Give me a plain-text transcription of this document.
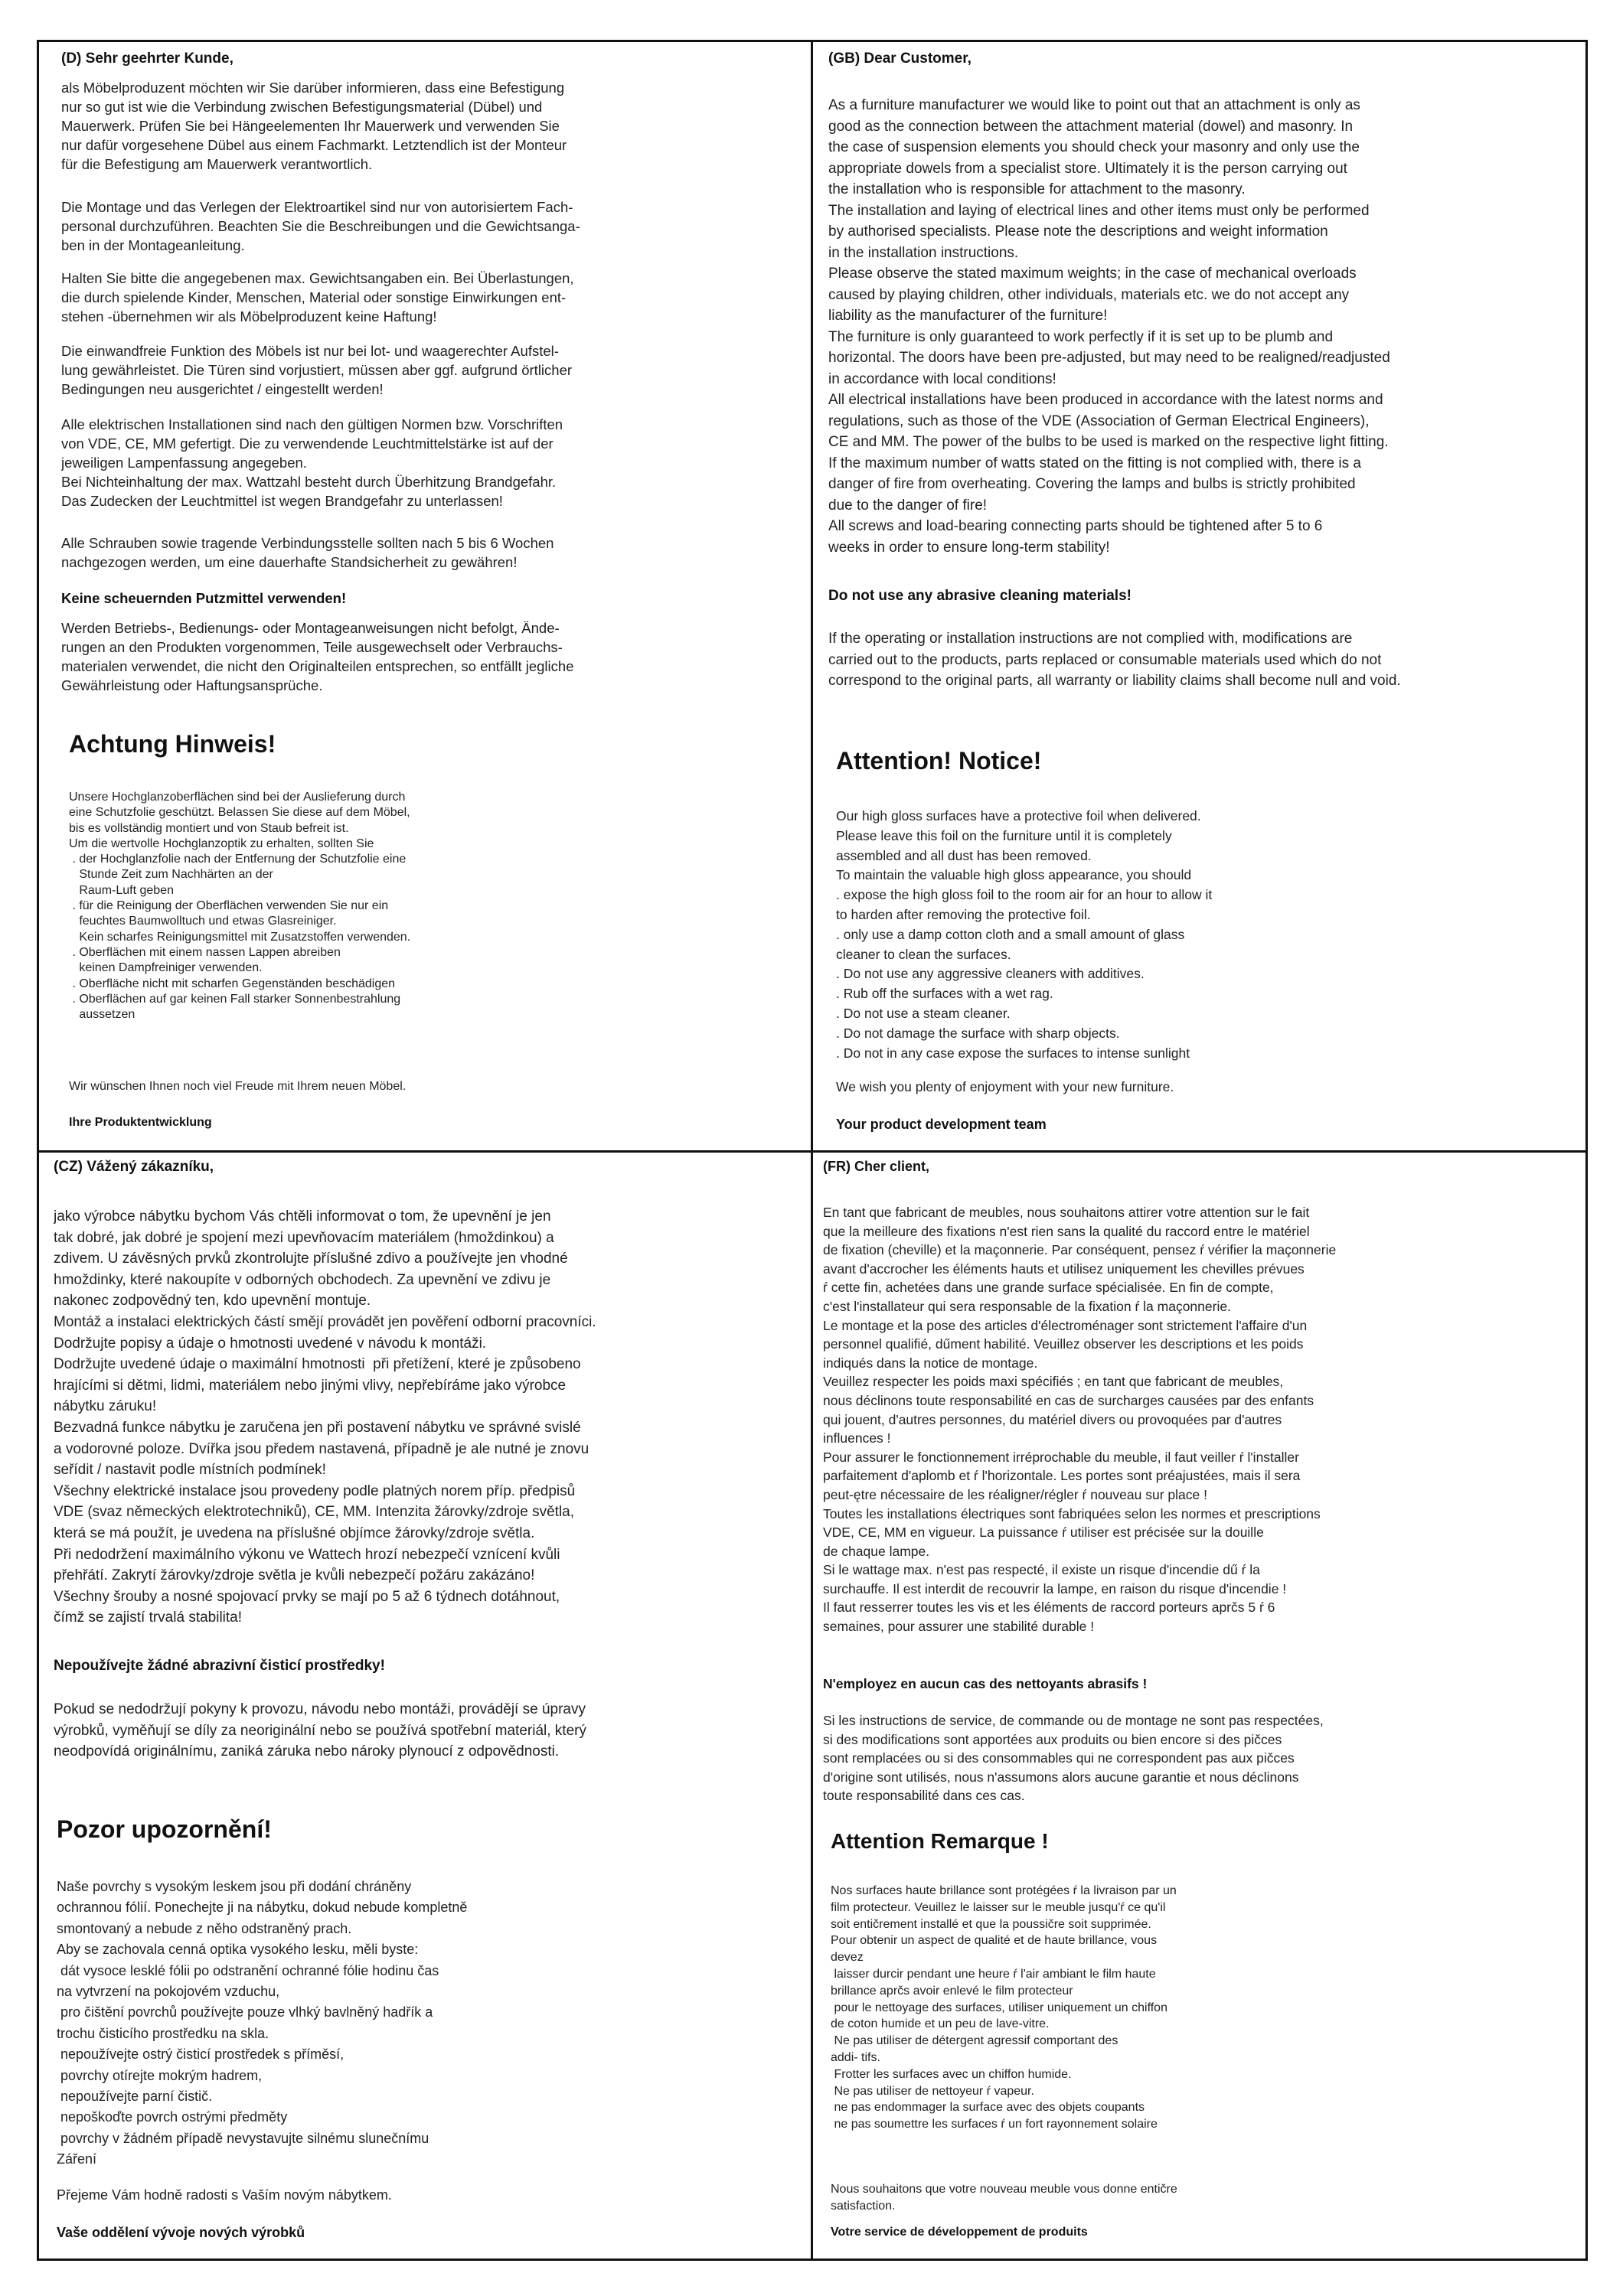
(D) Sehr geehrter Kunde,
als Möbelproduzent möchten wir Sie darüber informieren, dass eine Befestigung
nur so gut ist wie die Verbindung zwischen Befestigungsmaterial (Dübel) und
Mauerwerk. Prüfen Sie bei Hängeelementen Ihr Mauerwerk und verwenden Sie
nur dafür vorgesehene Dübel aus einem Fachmarkt. Letztendlich ist der Monteur
für die Befestigung am Mauerwerk verantwortlich.
Die Montage und das Verlegen der Elektroartikel sind nur von autorisiertem Fach-
personal durchzuführen. Beachten Sie die Beschreibungen und die Gewichtsanga-
ben in der Montageanleitung.
Halten Sie bitte die angegebenen max. Gewichtsangaben ein. Bei Überlastungen,
die durch spielende Kinder, Menschen, Material oder sonstige Einwirkungen ent-
stehen -übernehmen wir als Möbelproduzent keine Haftung!
Die einwandfreie Funktion des Möbels ist nur bei lot- und waagerechter Aufstel-
lung gewährleistet. Die Türen sind vorjustiert, müssen aber ggf. aufgrund örtlicher
Bedingungen neu ausgerichtet / eingestellt werden!
Alle elektrischen Installationen sind nach den gültigen Normen bzw. Vorschriften
von VDE, CE, MM gefertigt. Die zu verwendende Leuchtmittelstärke ist auf der
jeweiligen Lampenfassung angegeben.
Bei Nichteinhaltung der max. Wattzahl besteht durch Überhitzung Brandgefahr.
Das Zudecken der Leuchtmittel ist wegen Brandgefahr zu unterlassen!
Alle Schrauben sowie tragende Verbindungsstelle sollten nach 5 bis 6 Wochen
nachgezogen werden, um eine dauerhafte Standsicherheit zu gewähren!
Keine scheuernden Putzmittel verwenden!
Werden Betriebs-, Bedienungs- oder Montageanweisungen nicht befolgt, Ände-
rungen an den Produkten vorgenommen, Teile ausgewechselt oder Verbrauchs-
materialen verwendet, die nicht den Originalteilen entsprechen, so entfällt jegliche
Gewährleistung oder Haftungsansprüche.
Achtung Hinweis!
Unsere Hochglanzoberflächen sind bei der Auslieferung durch
eine Schutzfolie geschützt. Belassen Sie diese auf dem Möbel,
bis es vollständig montiert und von Staub befreit ist.
Um die wertvolle Hochglanzoptik zu erhalten, sollten Sie
. der Hochglanzfolie nach der Entfernung der Schutzfolie eine
Stunde Zeit zum Nachhärten an der
Raum-Luft geben
. für die Reinigung der Oberflächen verwenden Sie nur ein
feuchtes Baumwolltuch und etwas Glasreiniger.
Kein scharfes Reinigungsmittel mit Zusatzstoffen verwenden.
. Oberflächen mit einem nassen Lappen abreiben
keinen Dampfreiniger verwenden.
. Oberfläche nicht mit scharfen Gegenständen beschädigen
. Oberflächen auf gar keinen Fall starker Sonnenbestrahlung
aussetzen
Wir wünschen Ihnen noch viel Freude mit Ihrem neuen Möbel.
Ihre Produktentwicklung
(GB) Dear Customer,
As a furniture manufacturer we would like to point out that an attachment is only as
good as the connection between the attachment material (dowel) and masonry. In
the case of suspension elements you should check your masonry and only use the
appropriate dowels from a specialist store. Ultimately it is the person carrying out
the installation who is responsible for attachment to the masonry.
The installation and laying of electrical lines and other items must only be performed
by authorised specialists. Please note the descriptions and weight information
in the installation instructions.
Please observe the stated maximum weights; in the case of mechanical overloads
caused by playing children, other individuals, materials etc. we do not accept any
liability as the manufacturer of the furniture!
The furniture is only guaranteed to work perfectly if it is set up to be plumb and
horizontal. The doors have been pre-adjusted, but may need to be realigned/readjusted
in accordance with local conditions!
All electrical installations have been produced in accordance with the latest norms and
regulations, such as those of the VDE (Association of German Electrical Engineers),
CE and MM. The power of the bulbs to be used is marked on the respective light fitting.
If the maximum number of watts stated on the fitting is not complied with, there is a
danger of fire from overheating. Covering the lamps and bulbs is strictly prohibited
due to the danger of fire!
All screws and load-bearing connecting parts should be tightened after 5 to 6
weeks in order to ensure long-term stability!
Do not use any abrasive cleaning materials!
If the operating or installation instructions are not complied with, modifications are
carried out to the products, parts replaced or consumable materials used which do not
correspond to the original parts, all warranty or liability claims shall become null and void.
Attention! Notice!
Our high gloss surfaces have a protective foil when delivered.
Please leave this foil on the furniture until it is completely
assembled and all dust has been removed.
To maintain the valuable high gloss appearance, you should
. expose the high gloss foil to the room air for an hour to allow it
to harden after removing the protective foil.
. only use a damp cotton cloth and a small amount of glass
cleaner to clean the surfaces.
. Do not use any aggressive cleaners with additives.
. Rub off the surfaces with a wet rag.
. Do not use a steam cleaner.
. Do not damage the surface with sharp objects.
. Do not in any case expose the surfaces to intense sunlight
We wish you plenty of enjoyment with your new furniture.
Your product development team
(CZ) Vážený zákazníku,
jako výrobce nábytku bychom Vás chtěli informovat o tom, že upevnění je jen
tak dobré, jak dobré je spojení mezi upevňovacím materiálem (hmoždinkou) a
zdivem. U závěsných prvků zkontrolujte příslušné zdivo a používejte jen vhodné
hmoždinky, které nakoupíte v odborných obchodech. Za upevnění ve zdivu je
nakonec zodpovědný ten, kdo upevnění montuje.
Montáž a instalaci elektrických částí smějí provádět jen pověření odborní pracovníci.
Dodržujte popisy a údaje o hmotnosti uvedené v návodu k montáži.
Dodržujte uvedené údaje o maximální hmotnosti  při přetížení, které je způsobeno
hrajícími si dětmi, lidmi, materiálem nebo jinými vlivy, nepřebíráme jako výrobce
nábytku záruku!
Bezvadná funkce nábytku je zaručena jen při postavení nábytku ve správné svislé
a vodorovné poloze. Dvířka jsou předem nastavená, případně je ale nutné je znovu
seřídit / nastavit podle místních podmínek!
Všechny elektrické instalace jsou provedeny podle platných norem příp. předpisů
VDE (svaz německých elektrotechniků), CE, MM. Intenzita žárovky/zdroje světla,
která se má použít, je uvedena na příslušné objímce žárovky/zdroje světla.
Při nedodržení maximálního výkonu ve Wattech hrozí nebezpečí vznícení kvůli
přehřátí. Zakrytí žárovky/zdroje světla je kvůli nebezpečí požáru zakázáno!
Všechny šrouby a nosné spojovací prvky se mají po 5 až 6 týdnech dotáhnout,
čímž se zajistí trvalá stabilita!
Nepoužívejte žádné abrazivní čisticí prostředky!
Pokud se nedodržují pokyny k provozu, návodu nebo montáži, provádějí se úpravy
výrobků, vyměňují se díly za neoriginální nebo se používá spotřební materiál, který
neodpovídá originálnímu, zaniká záruka nebo nároky plynoucí z odpovědnosti.
Pozor upozornění!
Naše povrchy s vysokým leskem jsou při dodání chráněny
ochrannou fólií. Ponechejte ji na nábytku, dokud nebude kompletně
smontovaný a nebude z něho odstraněný prach.
Aby se zachovala cenná optika vysokého lesku, měli byste:
dát vysoce lesklé fólii po odstranění ochranné fólie hodinu čas
na vytvrzení na pokojovém vzduchu,
pro čištění povrchů používejte pouze vlhký bavlněný hadřík a
trochu čisticího prostředku na skla.
nepoužívejte ostrý čisticí prostředek s příměsí,
povrchy otírejte mokrým hadrem,
nepoužívejte parní čistič.
nepoškoďte povrch ostrými předměty
povrchy v žádném případě nevystavujte silnému slunečnímu
Záření
Přejeme Vám hodně radosti s Vaším novým nábytkem.
Vaše oddělení vývoje nových výrobků
(FR) Cher client,
En tant que fabricant de meubles, nous souhaitons attirer votre attention sur le fait
que la meilleure des fixations n'est rien sans la qualité du raccord entre le matériel
de fixation (cheville) et la maçonnerie. Par conséquent, pensez ŕ vérifier la maçonnerie
avant d'accrocher les éléments hauts et utilisez uniquement les chevilles prévues
ŕ cette fin, achetées dans une grande surface spécialisée. En fin de compte,
c'est l'installateur qui sera responsable de la fixation ŕ la maçonnerie.
Le montage et la pose des articles d'électroménager sont strictement l'affaire d'un
personnel qualifié, dűment habilité. Veuillez observer les descriptions et les poids
indiqués dans la notice de montage.
Veuillez respecter les poids maxi spécifiés ; en tant que fabricant de meubles,
nous déclinons toute responsabilité en cas de surcharges causées par des enfants
qui jouent, d'autres personnes, du matériel divers ou provoquées par d'autres
influences !
Pour assurer le fonctionnement irréprochable du meuble, il faut veiller ŕ l'installer
parfaitement d'aplomb et ŕ l'horizontale. Les portes sont préajustées, mais il sera
peut-ętre nécessaire de les réaligner/régler ŕ nouveau sur place !
Toutes les installations électriques sont fabriquées selon les normes et prescriptions
VDE, CE, MM en vigueur. La puissance ŕ utiliser est précisée sur la douille
de chaque lampe.
Si le wattage max. n'est pas respecté, il existe un risque d'incendie dű ŕ la
surchauffe. Il est interdit de recouvrir la lampe, en raison du risque d'incendie !
Il faut resserrer toutes les vis et les éléments de raccord porteurs aprčs 5 ŕ 6
semaines, pour assurer une stabilité durable !
N'employez en aucun cas des nettoyants abrasifs !
Si les instructions de service, de commande ou de montage ne sont pas respectées,
si des modifications sont apportées aux produits ou bien encore si des pičces
sont remplacées ou si des consommables qui ne correspondent pas aux pičces
d'origine sont utilisés, nous n'assumons alors aucune garantie et nous déclinons
toute responsabilité dans ces cas.
Attention Remarque !
Nos surfaces haute brillance sont protégées ŕ la livraison par un
film protecteur. Veuillez le laisser sur le meuble jusqu'ŕ ce qu'il
soit entičrement installé et que la poussičre soit supprimée.
Pour obtenir un aspect de qualité et de haute brillance, vous
devez
laisser durcir pendant une heure ŕ l'air ambiant le film haute
brillance aprčs avoir enlevé le film protecteur
pour le nettoyage des surfaces, utiliser uniquement un chiffon
de coton humide et un peu de lave-vitre.
Ne pas utiliser de détergent agressif comportant des
addi- tifs.
Frotter les surfaces avec un chiffon humide.
Ne pas utiliser de nettoyeur ŕ vapeur.
ne pas endommager la surface avec des objets coupants
ne pas soumettre les surfaces ŕ un fort rayonnement solaire
Nous souhaitons que votre nouveau meuble vous donne entičre
satisfaction.
Votre service de développement de produits
